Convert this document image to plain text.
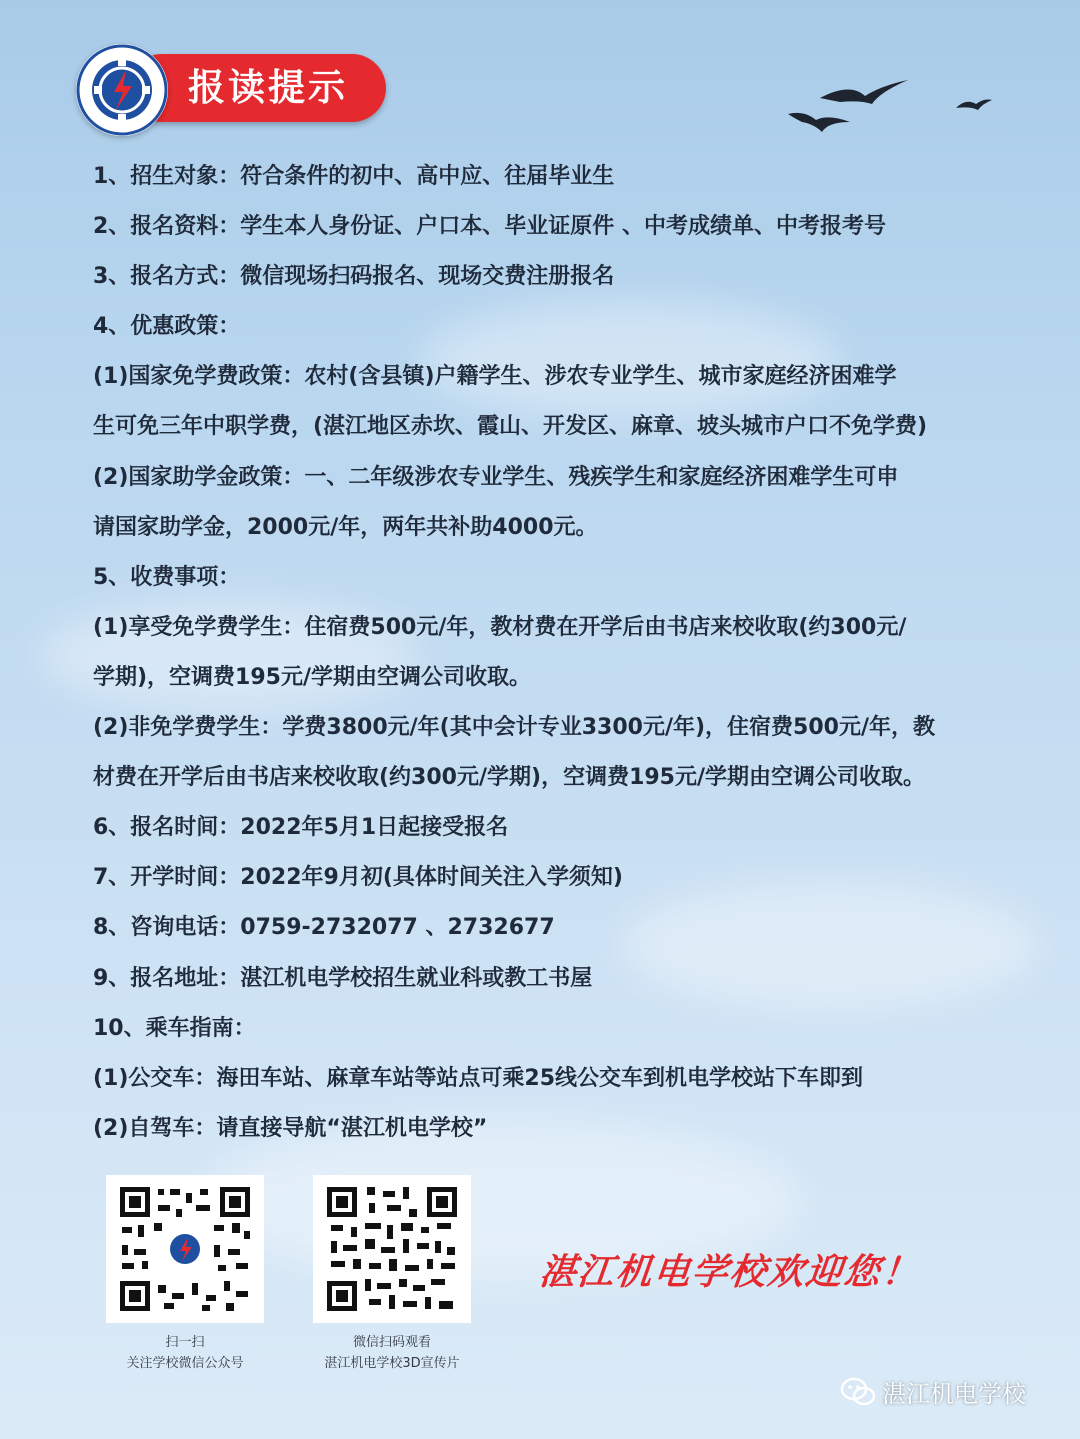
报读提示
1、招生对象：符合条件的初中、高中应、往届毕业生
2、报名资料：学生本人身份证、户口本、毕业证原件 、中考成绩单、中考报考号
3、报名方式：微信现场扫码报名、现场交费注册报名
4、优惠政策：
(1)国家免学费政策：农村(含县镇)户籍学生、涉农专业学生、城市家庭经济困难学
生可免三年中职学费，(湛江地区赤坎、霞山、开发区、麻章、坡头城市户口不免学费)
(2)国家助学金政策：一、二年级涉农专业学生、残疾学生和家庭经济困难学生可申
请国家助学金，2000元/年，两年共补助4000元。
5、收费事项：
(1)享受免学费学生：住宿费500元/年，教材费在开学后由书店来校收取(约300元/
学期)，空调费195元/学期由空调公司收取。
(2)非免学费学生：学费3800元/年(其中会计专业3300元/年)，住宿费500元/年，教
材费在开学后由书店来校收取(约300元/学期)，空调费195元/学期由空调公司收取。
6、报名时间：2022年5月1日起接受报名
7、开学时间：2022年9月初(具体时间关注入学须知)
8、咨询电话：0759-2732077 、2732677
9、报名地址：湛江机电学校招生就业科或教工书屋
10、乘车指南：
(1)公交车：海田车站、麻章车站等站点可乘25线公交车到机电学校站下车即到
(2)自驾车：请直接导航“湛江机电学校”
扫一扫
关注学校微信公众号
微信扫码观看
湛江机电学校3D宣传片
湛江机电学校欢迎您！
湛江机电学校
